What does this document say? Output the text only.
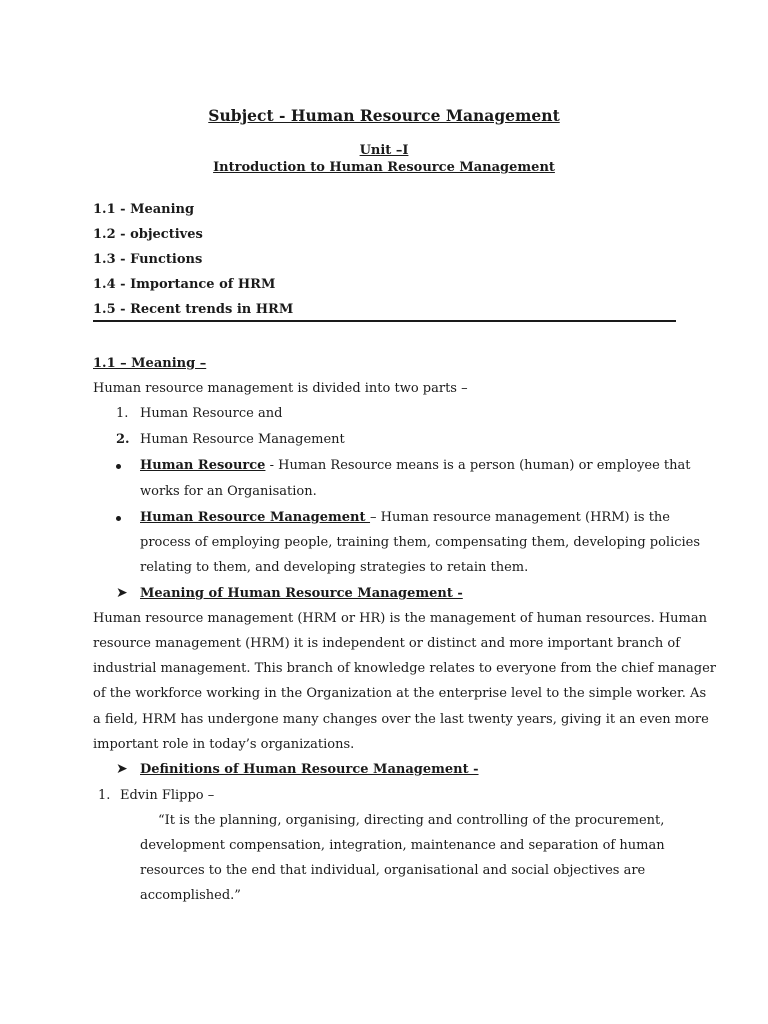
Subject - Human Resource Management
Unit –I
Introduction to Human Resource Management
1.1 - Meaning
1.2 - objectives
1.3 - Functions
1.4 - Importance of HRM
1.5 - Recent trends in HRM
1.1 – Meaning –
Human resource management is divided into two parts –
1. Human Resource and
2. Human Resource Management
Human Resource - Human Resource means is a person (human) or employee that
works for an Organisation.
Human Resource Management – Human resource management (HRM) is the
process of employing people, training them, compensating them, developing policies
relating to them, and developing strategies to retain them.
➤ Meaning of Human Resource Management -
Human resource management (HRM or HR) is the management of human resources. Human
resource management (HRM) it is independent or distinct and more important branch of
industrial management. This branch of knowledge relates to everyone from the chief manager
of the workforce working in the Organization at the enterprise level to the simple worker. As
a field, HRM has undergone many changes over the last twenty years, giving it an even more
important role in today’s organizations.
➤ Definitions of Human Resource Management -
1. Edvin Flippo –
“It is the planning, organising, directing and controlling of the procurement,
development compensation, integration, maintenance and separation of human
resources to the end that individual, organisational and social objectives are
accomplished.”
